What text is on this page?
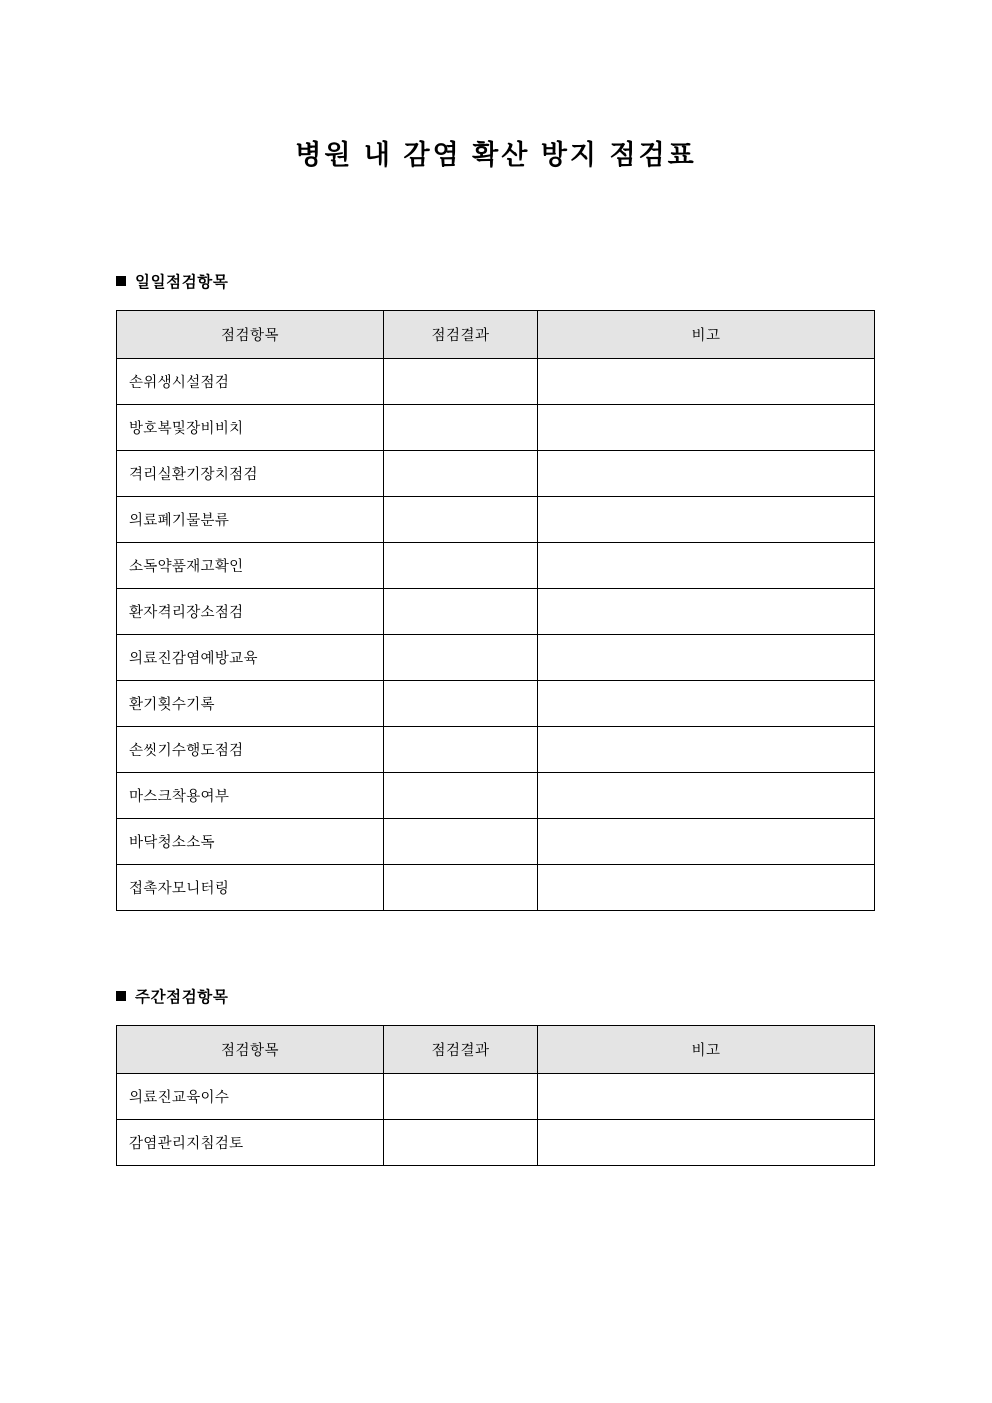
병원 내 감염 확산 방지 점검표
일일점검항목
점검항목	점검결과	비고
손위생시설점검		
방호복및장비비치		
격리실환기장치점검		
의료폐기물분류		
소독약품재고확인		
환자격리장소점검		
의료진감염예방교육		
환기횟수기록		
손씻기수행도점검		
마스크착용여부		
바닥청소소독		
접촉자모니터링		
주간점검항목
점검항목	점검결과	비고
의료진교육이수		
감염관리지침검토		
